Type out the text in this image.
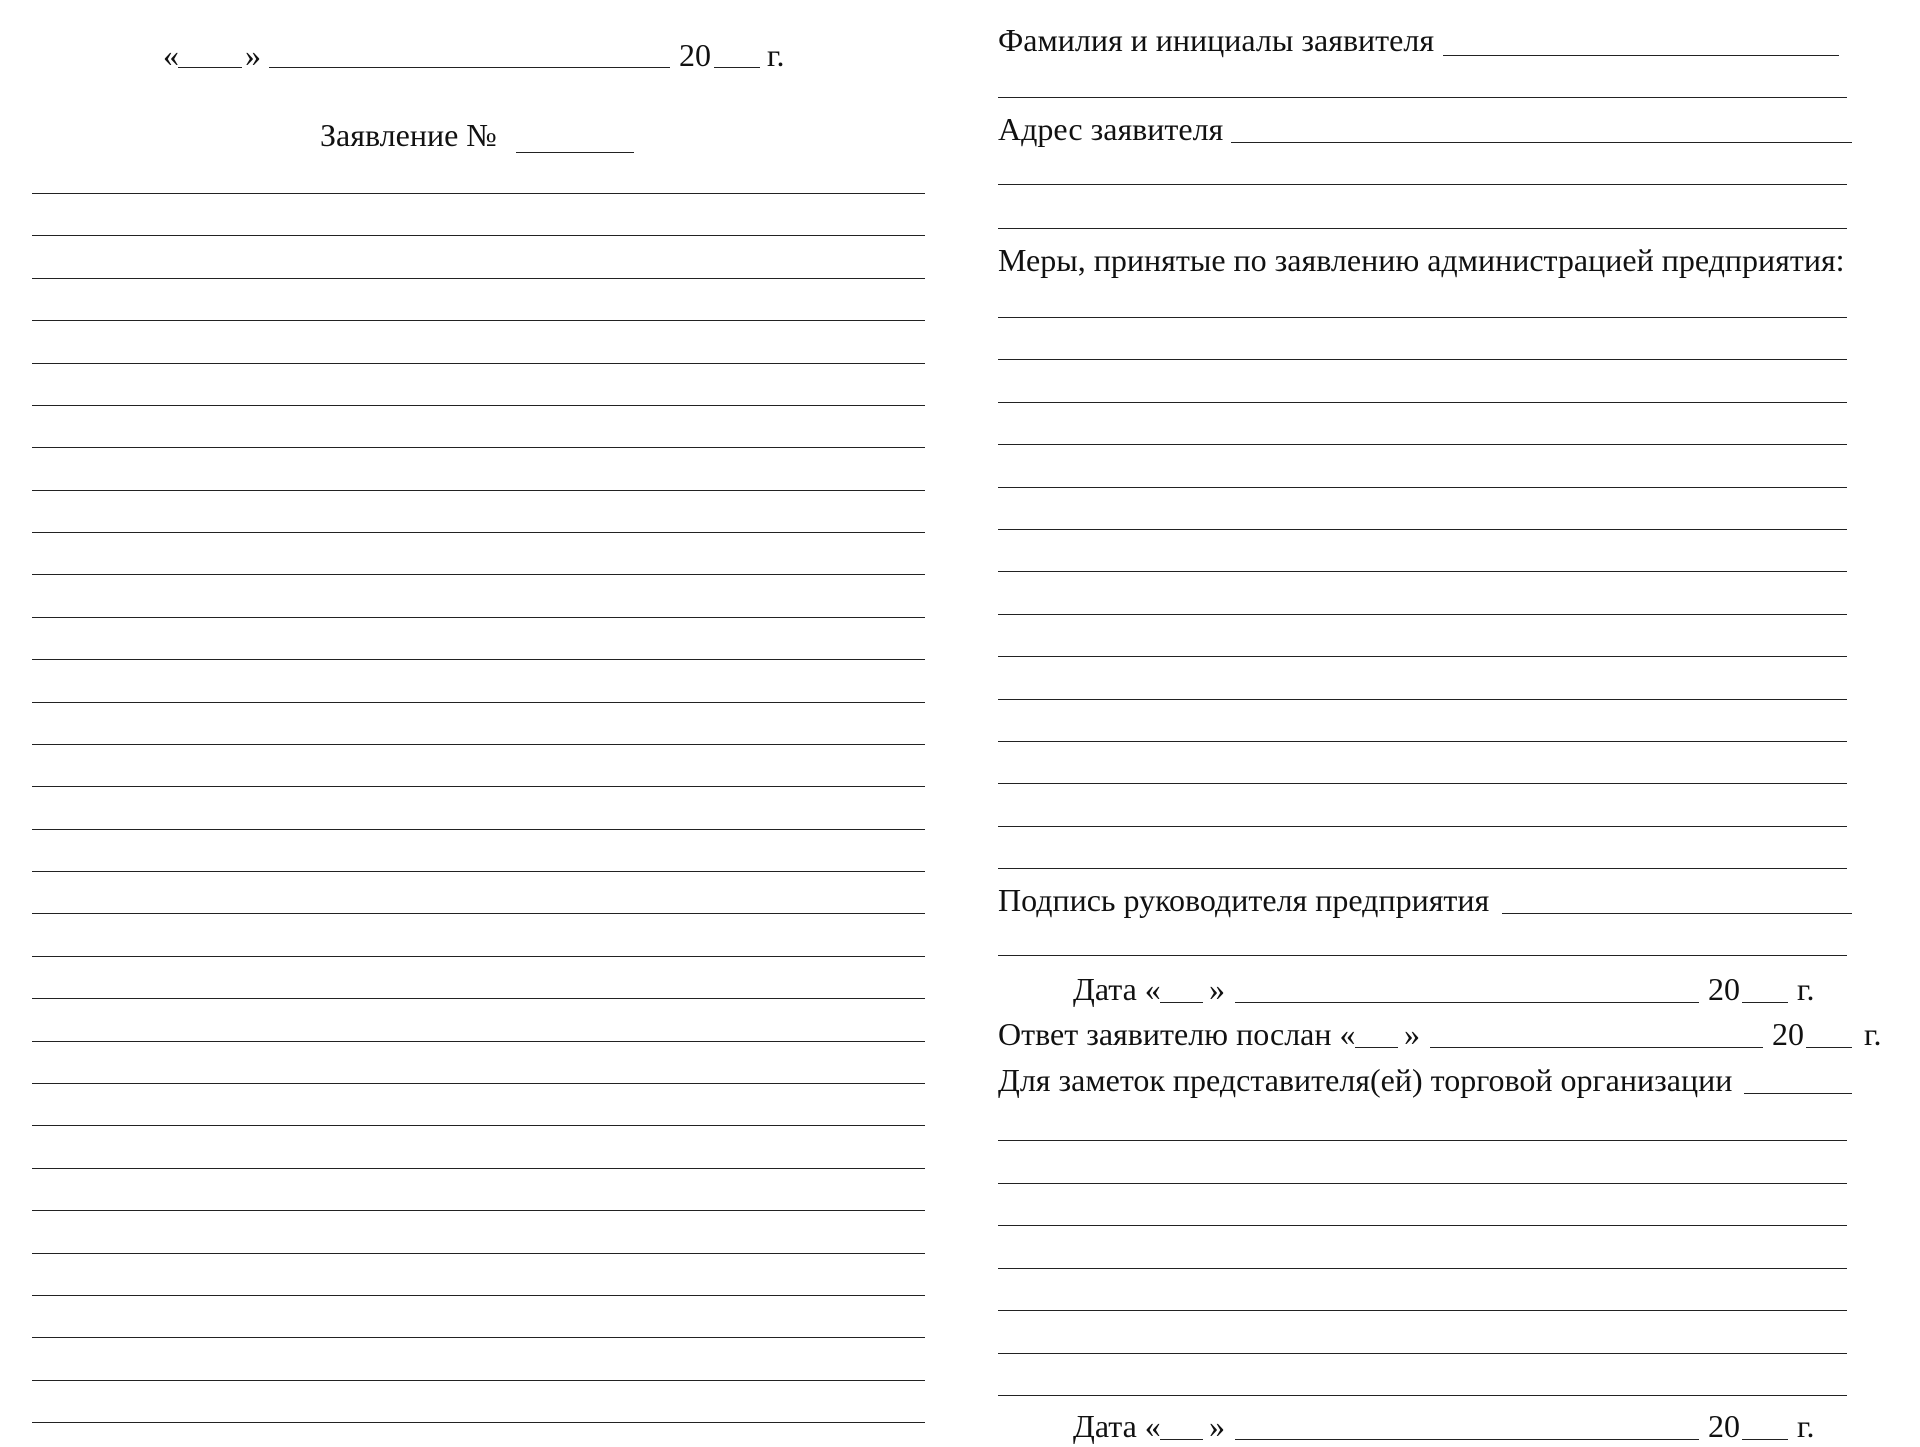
« »	20 г.
Заявление №
Фамилия и инициалы заявителя
Адрес заявителя
Меры, принятые по заявлению администрацией предприятия:
Подпись руководителя предприятия
Дата « »	20 г.
Ответ заявителю послан « »	20 г.
Для заметок представителя(ей) торговой организации
Дата « »	20 г.
